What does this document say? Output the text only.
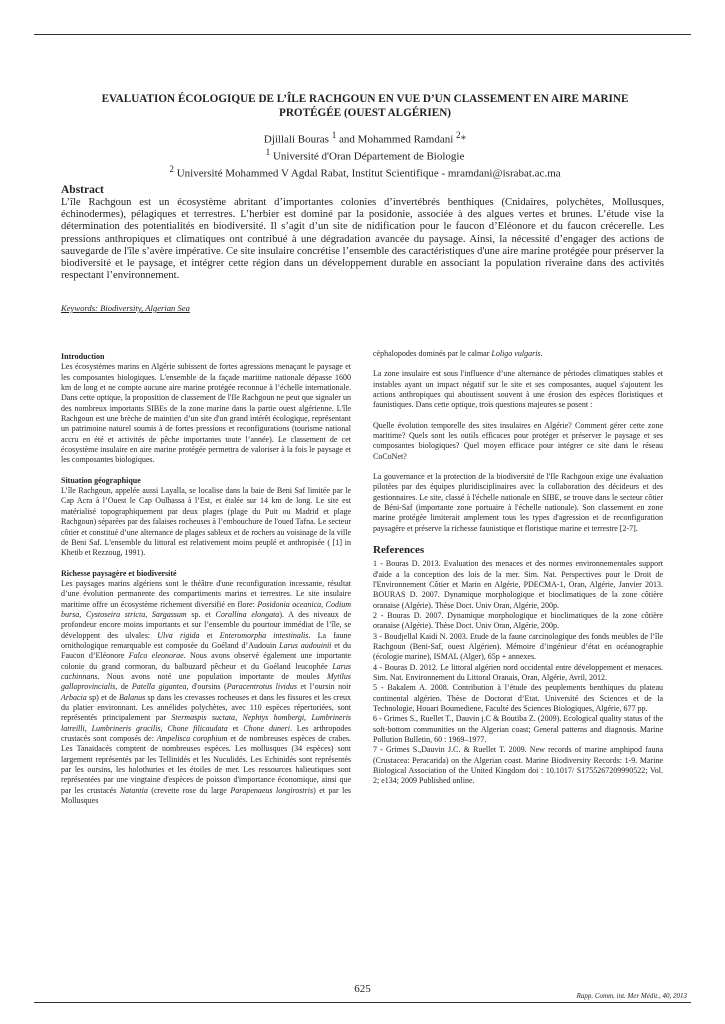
EVALUATION ÉCOLOGIQUE DE L’ÎLE RACHGOUN EN VUE D’UN CLASSEMENT EN AIRE MARINE
PROTÉGÉE (OUEST ALGÉRIEN)
Djillali Bouras $^1$ and Mohammed Ramdani $^2$*
$^1$ Université d'Oran Département de Biologie
$^2$ Université Mohammed V Agdal Rabat, Institut Scientifique - mramdani@israbat.ac.ma
Abstract
L’île Rachgoun est un écosystème abritant d’importantes colonies d’invertébrés benthiques (Cnidaires, polychètes, Mollusques, échinodermes), pélagiques et terrestres. L’herbier est dominé par la posidonie, associée à des algues vertes et brunes. L’étude vise la détermination des potentialités en biodiversité. Il s’agit d’un site de nidification pour le faucon d’Eléonore et du faucon crécerelle. Les pressions anthropiques et climatiques ont contribué à une dégradation avancée du paysage. Ainsi, la nécessité d’engager des actions de sauvegarde de l'île s’avère impérative. Ce site insulaire concrétise l’ensemble des caractéristiques d'une aire marine protégée pour préserver la biodiversité et le paysage, et intégrer cette région dans un développement durable en associant la population riveraine dans des activités respectant l’environnement.
Keywords: Biodiversity, Algerian Sea
Introduction

Les écosystèmes marins en Algérie subissent de fortes agressions menaçant le paysage et les composantes biologiques. L'ensemble de la façade maritime nationale dépasse 1600 km de long et ne compte aucune aire marine protégée reconnue à l’échelle internationale. Dans cette optique, la proposition de classement de l'Ile Rachgoun ne peut que signaler un des nombreux importants SIBEs de la zone marine dans la partie ouest algérienne. L'île Rachgoun est une brèche de maintien d’un site d'un grand intérêt écologique, représentant un patrimoine naturel soumis à de fortes pressions et reconfigurations (tourisme national accru en été et activités de pêche importantes toute l’année). Le classement de cet écosystème insulaire en aire marine protégée permettra de valoriser à la fois le paysage et les composantes biologiques.

Situation géographique

L’île Rachgoun, appelée aussi Layalla, se localise dans la baie de Beni Saf limitée par le Cap Acra à l’Ouest le Cap Oulhassa à l’Est, et étalée sur 14 km de long. Le site est matérialisé topographiquement par deux plages (plage du Puit ou Madrid et plage Rachgoun) séparées par des falaises rocheuses à l’embouchure de l'oued Tafna. Le secteur côtier et constitué d’une alternance de plages sableux et de rochers au voisinage de la ville de Beni Saf. L'ensemble du littoral est relativement moins peuplé et anthropisée ( [1] in Khetib et Rezzoug, 1991).

Richesse paysagère et biodiversité

Les paysages marins algériens sont le théâtre d'une reconfiguration incessante, résultat d’une évolution permanente des compartiments marins et terrestres. Le site insulaire maritime offre un écosystème richement diversifié en flore: Posidonia oceanica, Codium bursa, Cystoseira stricta, Sargassum sp. et Corallina elongata). A des niveaux de profondeur encore moins importants et sur l’ensemble du pourtour immédiat de l’île, se développent des ulvales: Ulva rigida et Enteromorpha intestinalis. La faune ornithologique remarquable est composée du Goéland d’Audouin Larus audouinii et du Faucon d’Eléonore Falco eleonorae. Nous avons observé également une importante colonie du grand cormoran, du balbuzard pêcheur et du Goéland leucophée Larus cachinnans. Nous avons noté une population importante de moules Mytilus galloprovincialis, de Patella gigantea, d'oursins (Paracentrotus lividus et l’oursin noir Arbacia sp) et de Balanus sp dans les crevasses rocheuses et dans les fissures et les creux du platier environnant. Les annélides polychètes, avec 110 espèces répertoriées, sont représentés principalement par Stermaspis suctata, Nephtys hombergi, Lumbrineris latreilli, Lumbrineris gracilis, Chone filicaudata et Chone duneri. Les arthropodes crustacés sont composés de: Ampelisca corophium et de nombreuses espèces de crabes. Les Tanaidacés comptent de nombreuses espèces. Les mollusques (34 espèces) sont largement représentés par les Tellinidés et les Nuculidés. Les Echinidés sont représentés par les oursins, les holothuries et les étoiles de mer. Les ressources halieutiques sont représentées par une vingtaine d'espèces de poisson d'importance économique, ainsi que par les crustacés Natantia (crevette rose du large Parapenaeus longirostris) et par les Mollusques

céphalopodes dominés par le calmar Loligo vulgaris.

La zone insulaire est sous l'influence d’une alternance de périodes climatiques stables et instables ayant un impact négatif sur le site et ses composantes, auquel s'ajoutent les actions anthropiques qui aboutissent souvent à une érosion des espèces floristiques et faunistiques. Dans cette optique, trois questions majeures se posent :

Quelle évolution temporelle des sites insulaires en Algérie? Comment gérer cette zone maritime? Quels sont les outils efficaces pour protéger et préserver le paysage et ses composantes biologiques? Quel moyen efficace pour intégrer ce site dans le réseau CoCoNet?

La gouvernance et la protection de la biodiversité de l'Ile Rachgoun exige une évaluation pilotées par des équipes pluridisciplinaires avec la collaboration des décideurs et des gestionnaires. Le site, classé à l'échelle nationale en SIBE, se trouve dans le secteur côtier de Béni-Saf (importante zone portuaire à l'échelle nationale). Son classement en zone marine protégée limiterait amplement tous les types d'agression et de reconfiguration paysagère et préserve la richesse faunistique et floristique marine et terrestre [2-7].

References

1 - Bouras D. 2013. Evaluation des menaces et des normes environnementales support d'aide a la conception des lois de la mer. Sim. Nat. Perspectives pour le Droit de l'Environnement Côtier et Marin en Algérie, PDECMA-1, Oran, Algérie, Janvier 2013. BOURAS D. 2007. Dynamique morphologique et bioclimatiques de la zone côtière oranaise (Algérie). Thèse Doct. Univ Oran, Algérie, 200p.

2 - Bouras D. 2007. Dynamique morphologique et bioclimatiques de la zone côtière oranaise (Algérie). Thèse Doct. Univ Oran, Algérie, 200p.

3 - Boudjellal Kaidi N. 2003. Etude de la faune carcinologique des fonds meubles de l’île Rachgoun (Beni-Saf, ouest Algérien). Mémoire d’ingénieur d’état en océanographie (écologie marine), ISMAL (Alger), 65p + annexes.

4 - Bouras D. 2012. Le littoral algérien nord occidental entre développement et menaces. Sim. Nat. Environnement du Littoral Oranais, Oran, Algérie, Avril, 2012.

5 - Bakalem A. 2008. Contribution à l’étude des peuplements benthiques du plateau continental algérien. Thèse de Doctorat d’Etat. Université des Sciences et de la Technologie, Houari Boumediene, Faculté des Sciences Biologiques, Algérie, 677 pp.

6 - Grimes S., Ruellet T., Dauvin j.C & Boutiba Z. (2009). Ecological quality status of the soft-bottom communities on the Algerian coast; General patterns and diagnosis. Marine Pollution Bulletin, 60 : 1969–1977.

7 - Grimes S.,Dauvin J.C. & Ruellet T. 2009. New records of marine amphipod fauna (Crustacea: Peracarida) on the Algerian coast. Marine Biodiversity Records: 1-9. Marine Biological Association of the United Kingdom doi : 10.1017/ S1755267209990522; Vol. 2; e134; 2009 Published online.

625
Rapp. Comm. int. Mer Médit., 40, 2013
